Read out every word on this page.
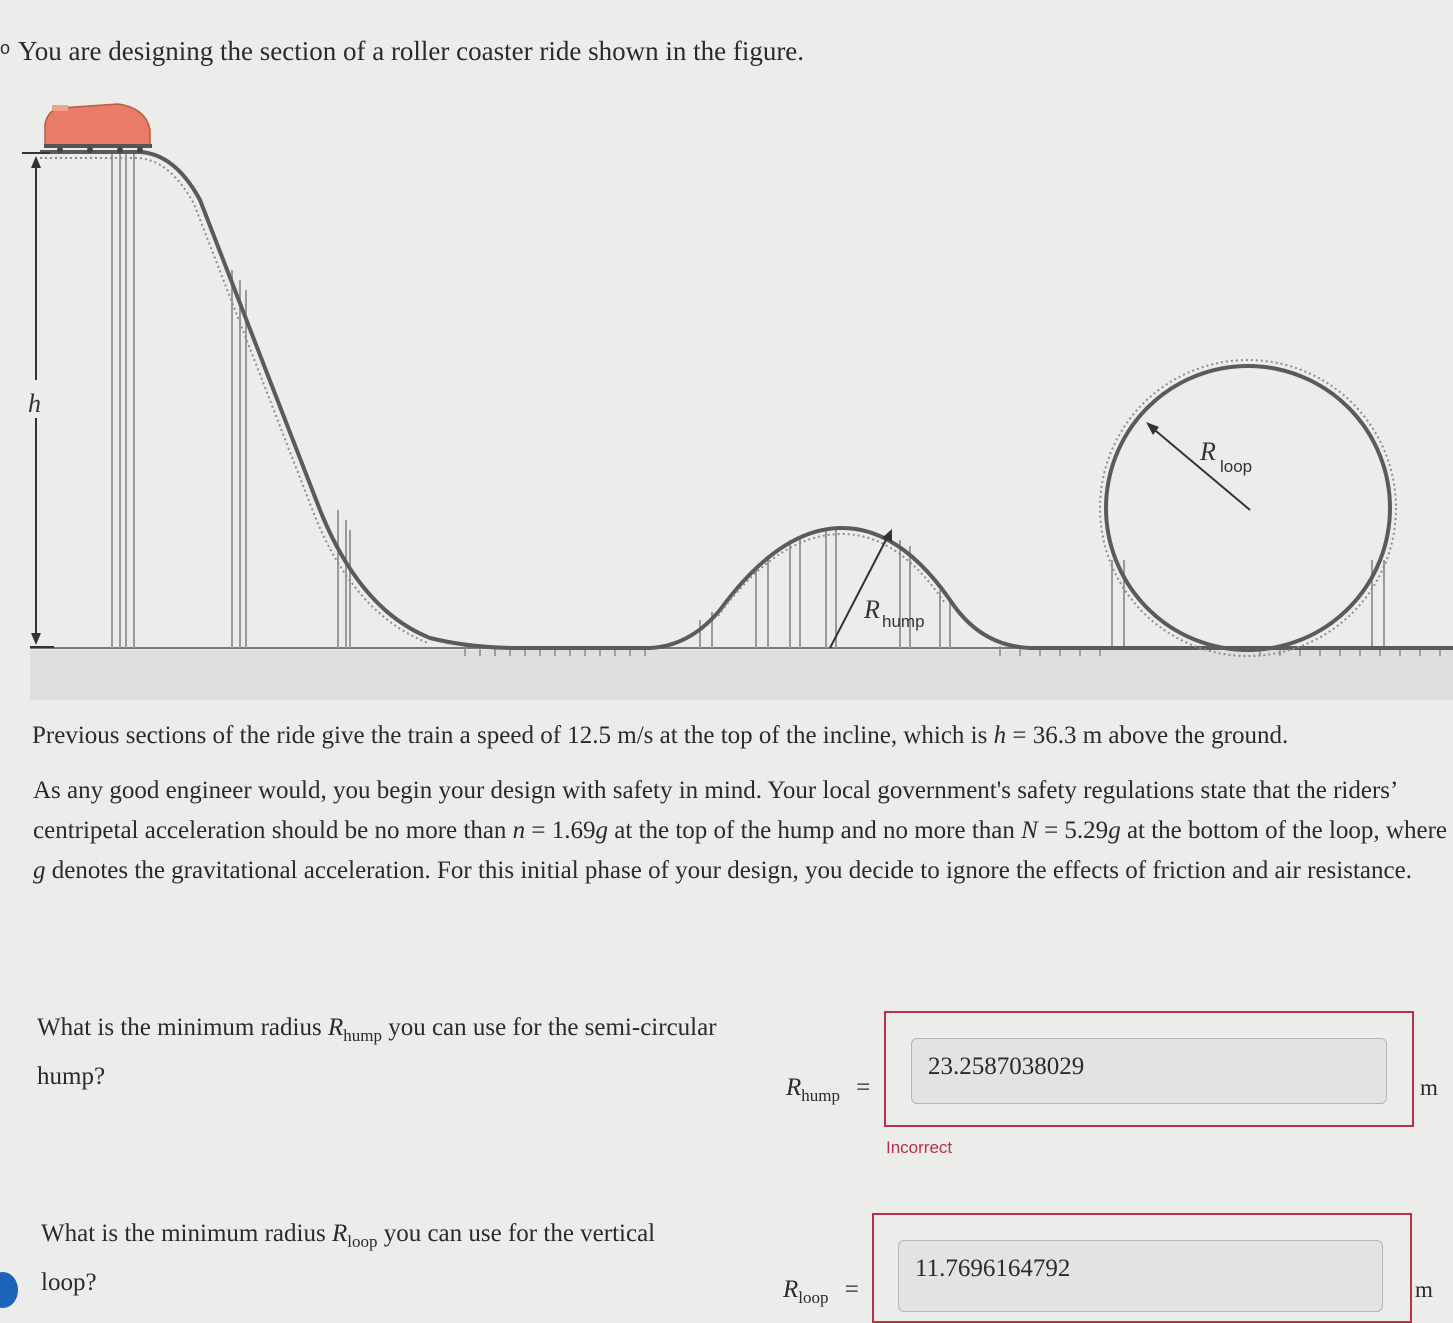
o You are designing the section of a roller coaster ride shown in the figure.
h
R hump
R
loop
Previous sections of the ride give the train a speed of 12.5 m/s at the top of the incline, which is h = 36.3 m above the ground.
As any good engineer would, you begin your design with safety in mind. Your local government's safety regulations state that the riders’ centripetal acceleration should be no more than n = 1.69g at the top of the hump and no more than N = 5.29g at the bottom of the loop, where g denotes the gravitational acceleration. For this initial phase of your design, you decide to ignore the effects of friction and air resistance.
What is the minimum radius $R_{hump}$ you can use for the semi-circular hump?	$R_{hump}$ =
23.2587038029
m
Incorrect
What is the minimum radius $R_{loop}$ you can use for the vertical loop?	$R_{loop}$ =
11.7696164792
m
